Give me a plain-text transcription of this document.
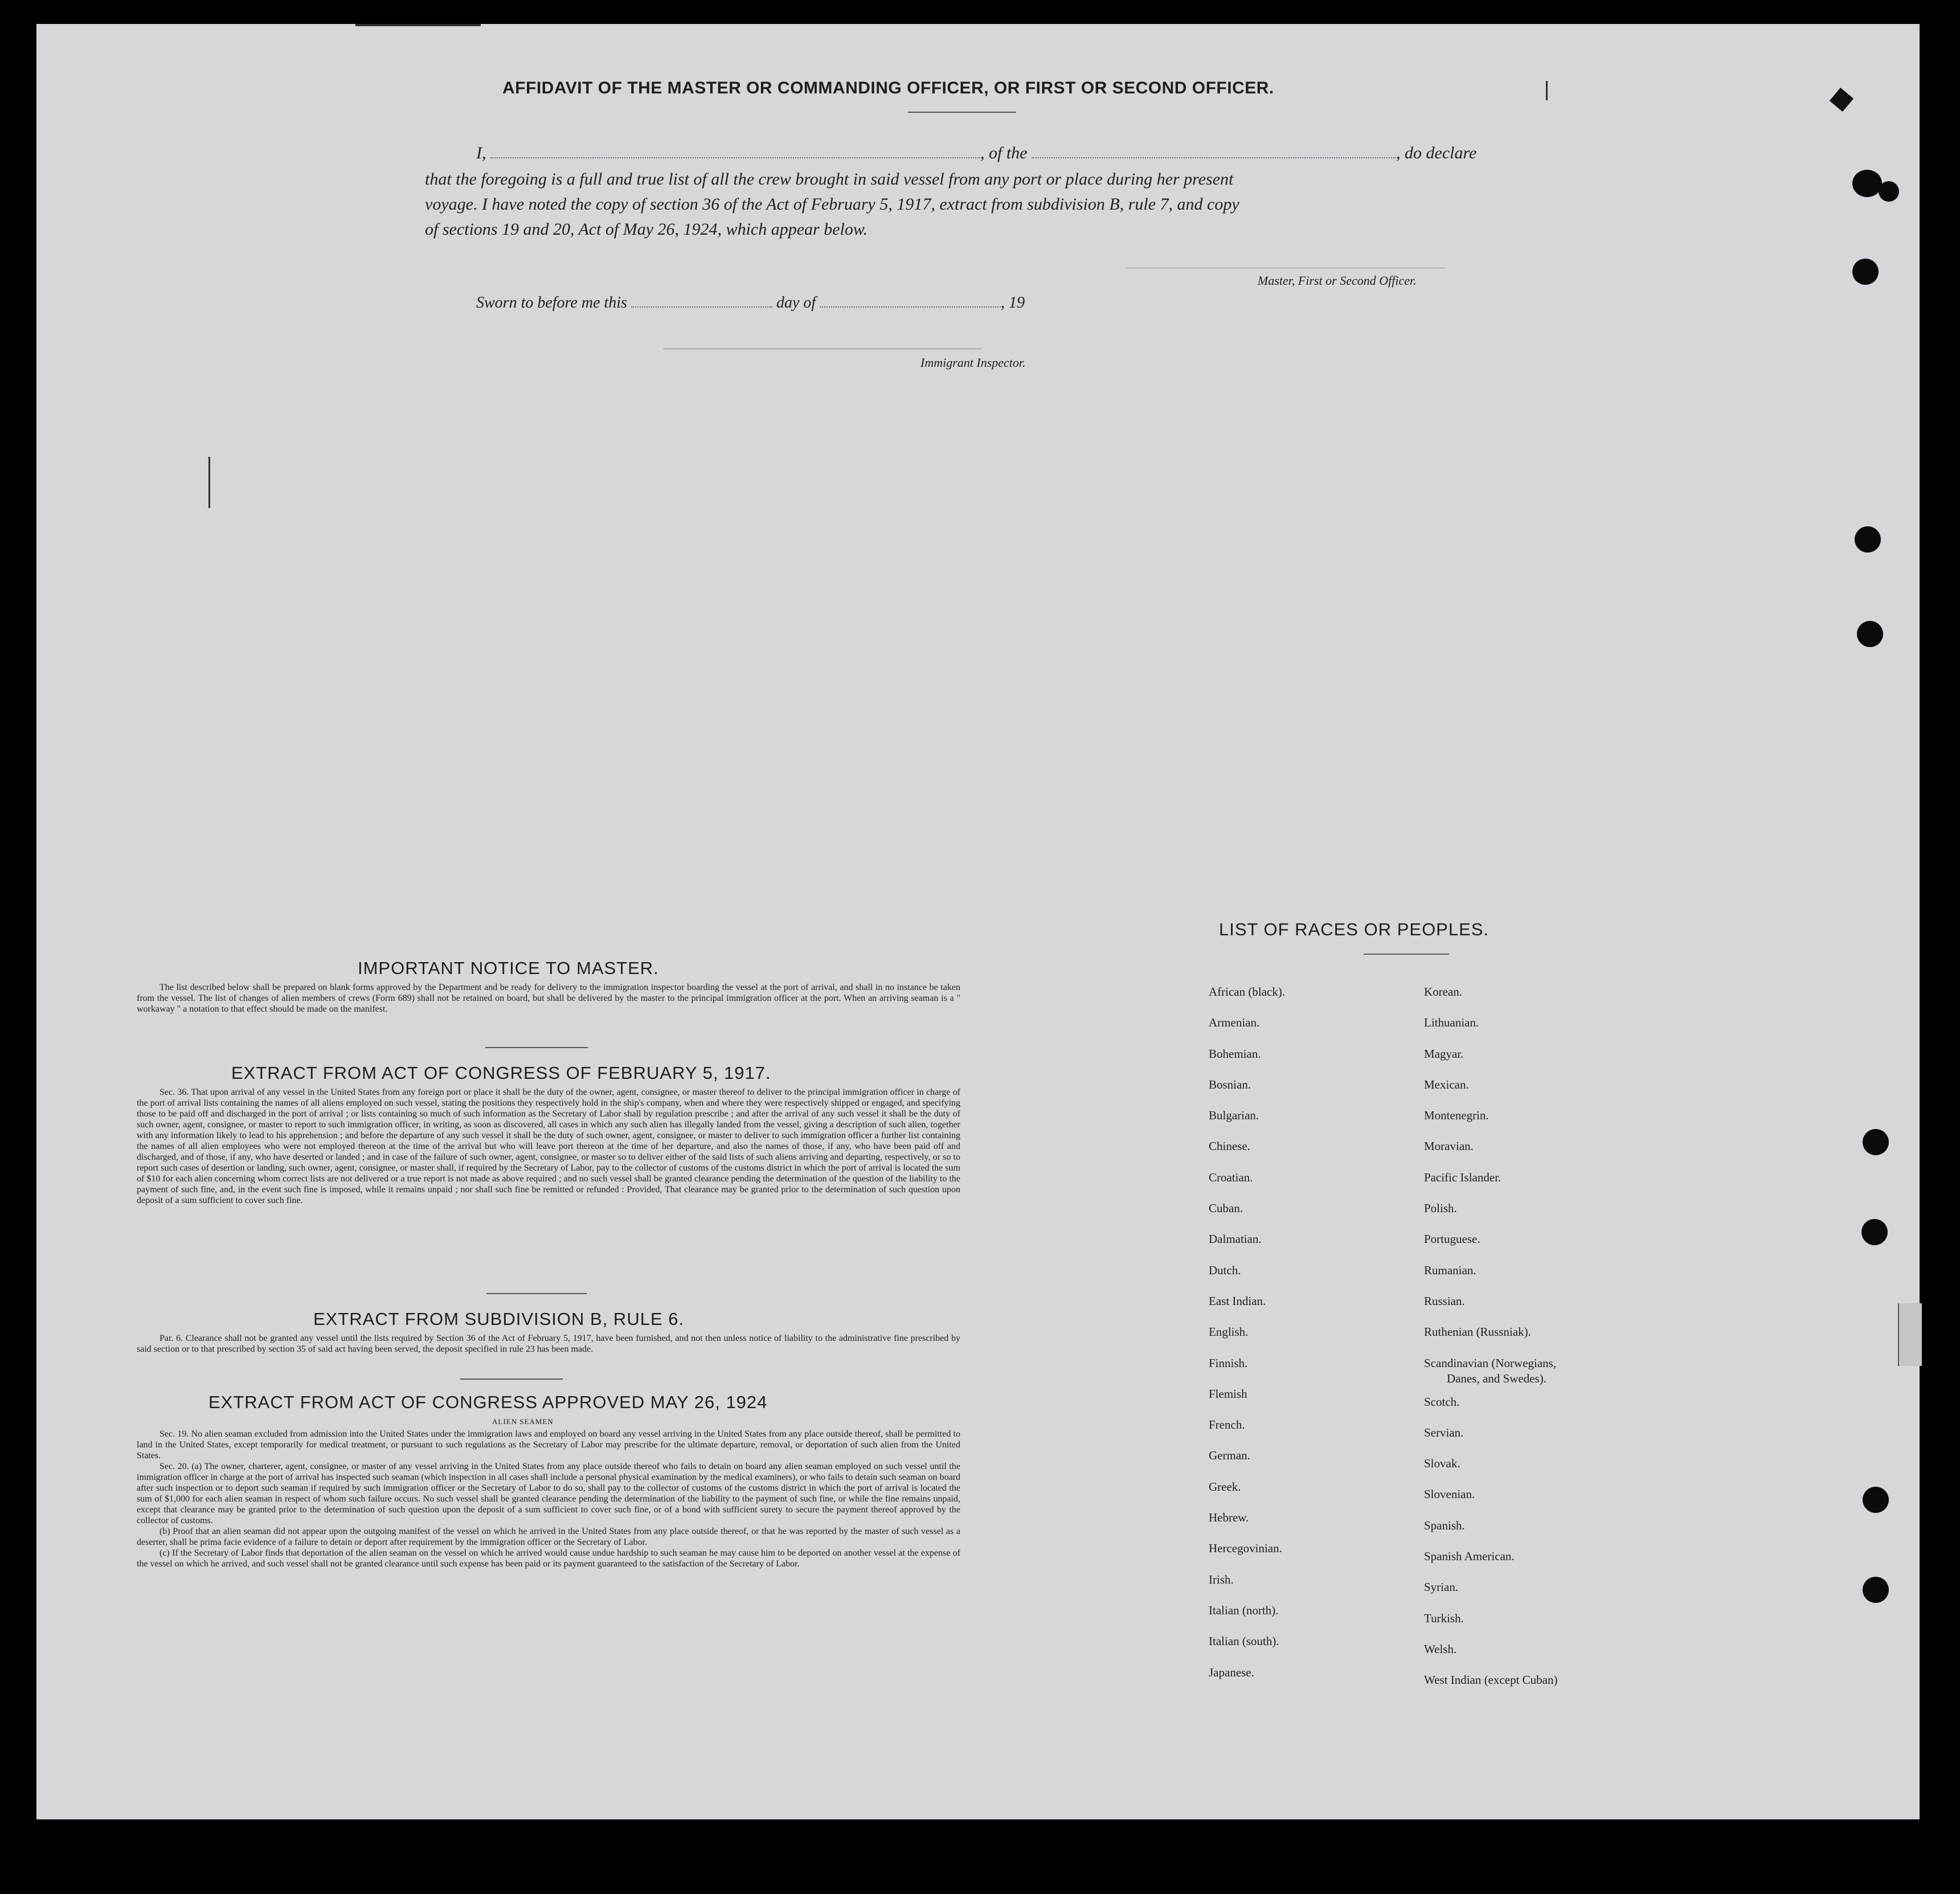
AFFIDAVIT OF THE MASTER OR COMMANDING OFFICER, OR FIRST OR SECOND OFFICER.
I,	, of the	, do declare
that the foregoing is a full and true list of all the crew brought in said vessel from any port or place during her present
voyage. I have noted the copy of section 36 of the Act of February 5, 1917, extract from subdivision B, rule 7, and copy
of sections 19 and 20, Act of May 26, 1924, which appear below.
Master, First or Second Officer.
Sworn to before me this	day of	, 19
Immigrant Inspector.
IMPORTANT NOTICE TO MASTER.
The list described below shall be prepared on blank forms approved by the Department and be ready for delivery to the immigration inspector boarding the vessel at the port of arrival, and shall in no instance be taken from the vessel. The list of changes of alien members of crews (Form 689) shall not be retained on board, but shall be delivered by the master to the principal immigration officer at the port. When an arriving seaman is a " workaway " a notation to that effect should be made on the manifest.
EXTRACT FROM ACT OF CONGRESS OF FEBRUARY 5, 1917.
Sec. 36. That upon arrival of any vessel in the United States from any foreign port or place it shall be the duty of the owner, agent, consignee, or master thereof to deliver to the principal immigration officer in charge of the port of arrival lists containing the names of all aliens employed on such vessel, stating the positions they respectively hold in the ship's company, when and where they were respectively shipped or engaged, and specifying those to be paid off and discharged in the port of arrival ; or lists containing so much of such information as the Secretary of Labor shall by regulation prescribe ; and after the arrival of any such vessel it shall be the duty of such owner, agent, consignee, or master to report to such immigration officer, in writing, as soon as discovered, all cases in which any such alien has illegally landed from the vessel, giving a description of such alien, together with any information likely to lead to his apprehension ; and before the departure of any such vessel it shall be the duty of such owner, agent, consignee, or master to deliver to such immigration officer a further list containing the names of all alien employees who were not employed thereon at the time of the arrival but who will leave port thereon at the time of her departure, and also the names of those, if any, who have been paid off and discharged, and of those, if any, who have deserted or landed ; and in case of the failure of such owner, agent, consignee, or master so to deliver either of the said lists of such aliens arriving and departing, respectively, or so to report such cases of desertion or landing, such owner, agent, consignee, or master shall, if required by the Secretary of Labor, pay to the collector of customs of the customs district in which the port of arrival is located the sum of $10 for each alien concerning whom correct lists are not delivered or a true report is not made as above required ; and no such vessel shall be granted clearance pending the determination of the question of the liability to the payment of such fine, and, in the event such fine is imposed, while it remains unpaid ; nor shall such fine be remitted or refunded : Provided, That clearance may be granted prior to the determination of such question upon deposit of a sum sufficient to cover such fine.
EXTRACT FROM SUBDIVISION B, RULE 6.
Par. 6. Clearance shall not be granted any vessel until the lists required by Section 36 of the Act of February 5, 1917, have been furnished, and not then unless notice of liability to the administrative fine prescribed by said section or to that prescribed by section 35 of said act having been served, the deposit specified in rule 23 has been made.
EXTRACT FROM ACT OF CONGRESS APPROVED MAY 26, 1924
ALIEN SEAMEN
Sec. 19. No alien seaman excluded from admission into the United States under the immigration laws and employed on board any vessel arriving in the United States from any place outside thereof, shall be permitted to land in the United States, except temporarily for medical treatment, or pursuant to such regulations as the Secretary of Labor may prescribe for the ultimate departure, removal, or deportation of such alien from the United States.
Sec. 20. (a) The owner, charterer, agent, consignee, or master of any vessel arriving in the United States from any place outside thereof who fails to detain on board any alien seaman employed on such vessel until the immigration officer in charge at the port of arrival has inspected such seaman (which inspection in all cases shall include a personal physical examination by the medical examiners), or who fails to detain such seaman on board after such inspection or to deport such seaman if required by such immigration officer or the Secretary of Labor to do so, shall pay to the collector of customs of the customs district in which the port of arrival is located the sum of $1,000 for each alien seaman in respect of whom such failure occurs. No such vessel shall be granted clearance pending the determination of the liability to the payment of such fine, or while the fine remains unpaid, except that clearance may be granted prior to the determination of such question upon the deposit of a sum sufficient to cover such fine, or of a bond with sufficient surety to secure the payment thereof approved by the collector of customs.
(b) Proof that an alien seaman did not appear upon the outgoing manifest of the vessel on which he arrived in the United States from any place outside thereof, or that he was reported by the master of such vessel as a deserter, shall be prima facie evidence of a failure to detain or deport after requirement by the immigration officer or the Secretary of Labor.
(c) If the Secretary of Labor finds that deportation of the alien seaman on the vessel on which he arrived would cause undue hardship to such seaman he may cause him to be deported on another vessel at the expense of the vessel on which he arrived, and such vessel shall not be granted clearance until such expense has been paid or its payment guaranteed to the satisfaction of the Secretary of Labor.
LIST OF RACES OR PEOPLES.
African (black).
Armenian.
Bohemian.
Bosnian.
Bulgarian.
Chinese.
Croatian.
Cuban.
Dalmatian.
Dutch.
East Indian.
English.
Finnish.
Flemish
French.
German.
Greek.
Hebrew.
Hercegovinian.
Irish.
Italian (north).
Italian (south).
Japanese.
Korean.
Lithuanian.
Magyar.
Mexican.
Montenegrin.
Moravian.
Pacific Islander.
Polish.
Portuguese.
Rumanian.
Russian.
Ruthenian (Russniak).
Scandinavian (Norwegians,
Danes, and Swedes).
Scotch.
Servian.
Slovak.
Slovenian.
Spanish.
Spanish American.
Syrian.
Turkish.
Welsh.
West Indian (except Cuban)
